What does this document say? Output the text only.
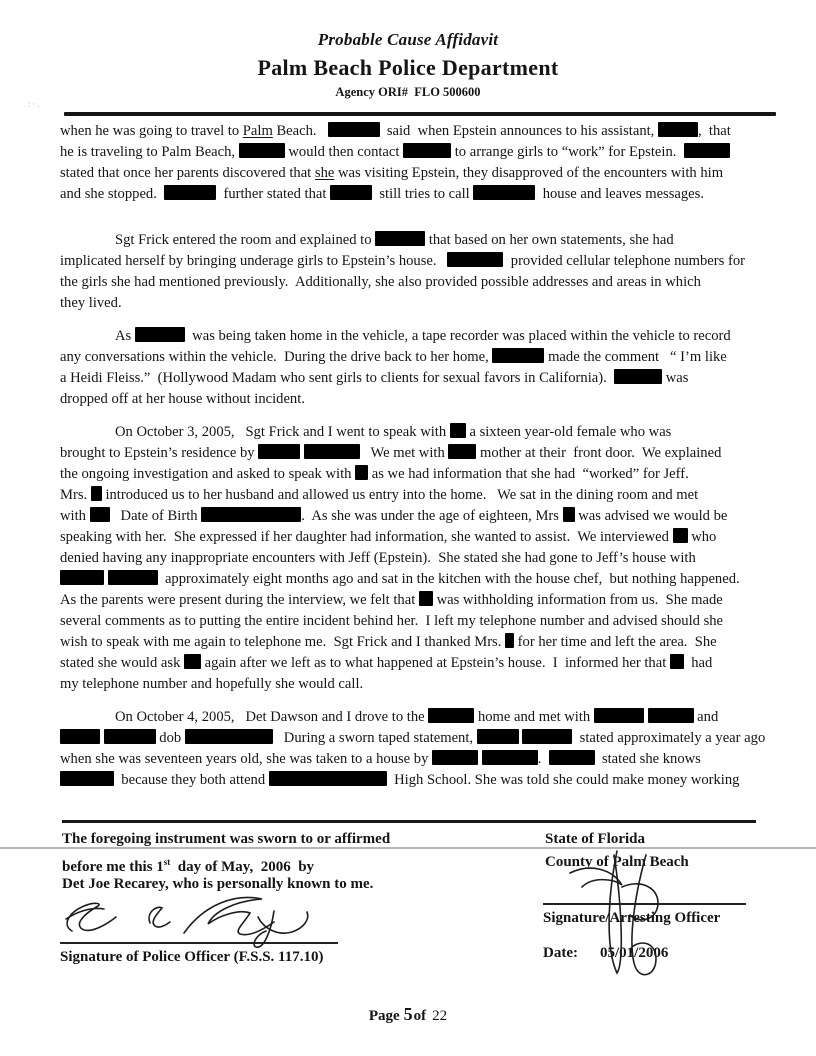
Probable Cause Affidavit
Palm Beach Police Department
Agency ORI#  FLO 500600
:·.
when he was going to travel to Palm Beach.	said  when Epstein announces to his assistant,	,  that
he is traveling to Palm Beach,	would then contact	to arrange girls to “work” for Epstein.
stated that once her parents discovered that she was visiting Epstein, they disapproved of the encounters with him
and she stopped.	further stated that	still tries to call	house and leaves messages.
Sgt Frick entered the room and explained to	that based on her own statements, she had
implicated herself by bringing underage girls to Epstein’s house.	provided cellular telephone numbers for
the girls she had mentioned previously.  Additionally, she also provided possible addresses and areas in which
they lived.
As	was being taken home in the vehicle, a tape recorder was placed within the vehicle to record
any conversations within the vehicle.  During the drive back to her home,	made the comment   “ I’m like
a Heidi Fleiss.”  (Hollywood Madam who sent girls to clients for sexual favors in California).	was
dropped off at her house without incident.
On October 3, 2005,   Sgt Frick and I went to speak with  a sixteen year-old female who was
brought to Epstein’s residence by	We met with  mother at their  front door.  We explained
the ongoing investigation and asked to speak with  as we had information that she had  “worked” for Jeff.
Mrs.  introduced us to her husband and allowed us entry into the home.   We sat in the dining room and met
with    Date of Birth	.  As she was under the age of eighteen, Mrs  was advised we would be
speaking with her.  She expressed if her daughter had information, she wanted to assist.  We interviewed  who
denied having any inappropriate encounters with Jeff (Epstein).  She stated she had gone to Jeff’s house with
approximately eight months ago and sat in the kitchen with the house chef,  but nothing happened.
As the parents were present during the interview, we felt that  was withholding information from us.  She made
several comments as to putting the entire incident behind her.  I left my telephone number and advised should she
wish to speak with me again to telephone me.  Sgt Frick and I thanked Mrs.  for her time and left the area.  She
stated she would ask  again after we left as to what happened at Epstein’s house.  I  informed her that   had
my telephone number and hopefully she would call.
On October 4, 2005,   Det Dawson and I drove to the	home and met with	and
dob	During a sworn taped statement,	stated approximately a year ago
when she was seventeen years old, she was taken to a house by	.	stated she knows
because they both attend	High School. She was told she could make money working
The foregoing instrument was sworn to or affirmed
before me this 1st  day of May,  2006  by
Det Joe Recarey, who is personally known to me.
State of Florida
County of Palm Beach
Signature of Police Officer (F.S.S. 117.10)
Signature/Arresting Officer
Date: 05/01/2006
Page 5of 22
